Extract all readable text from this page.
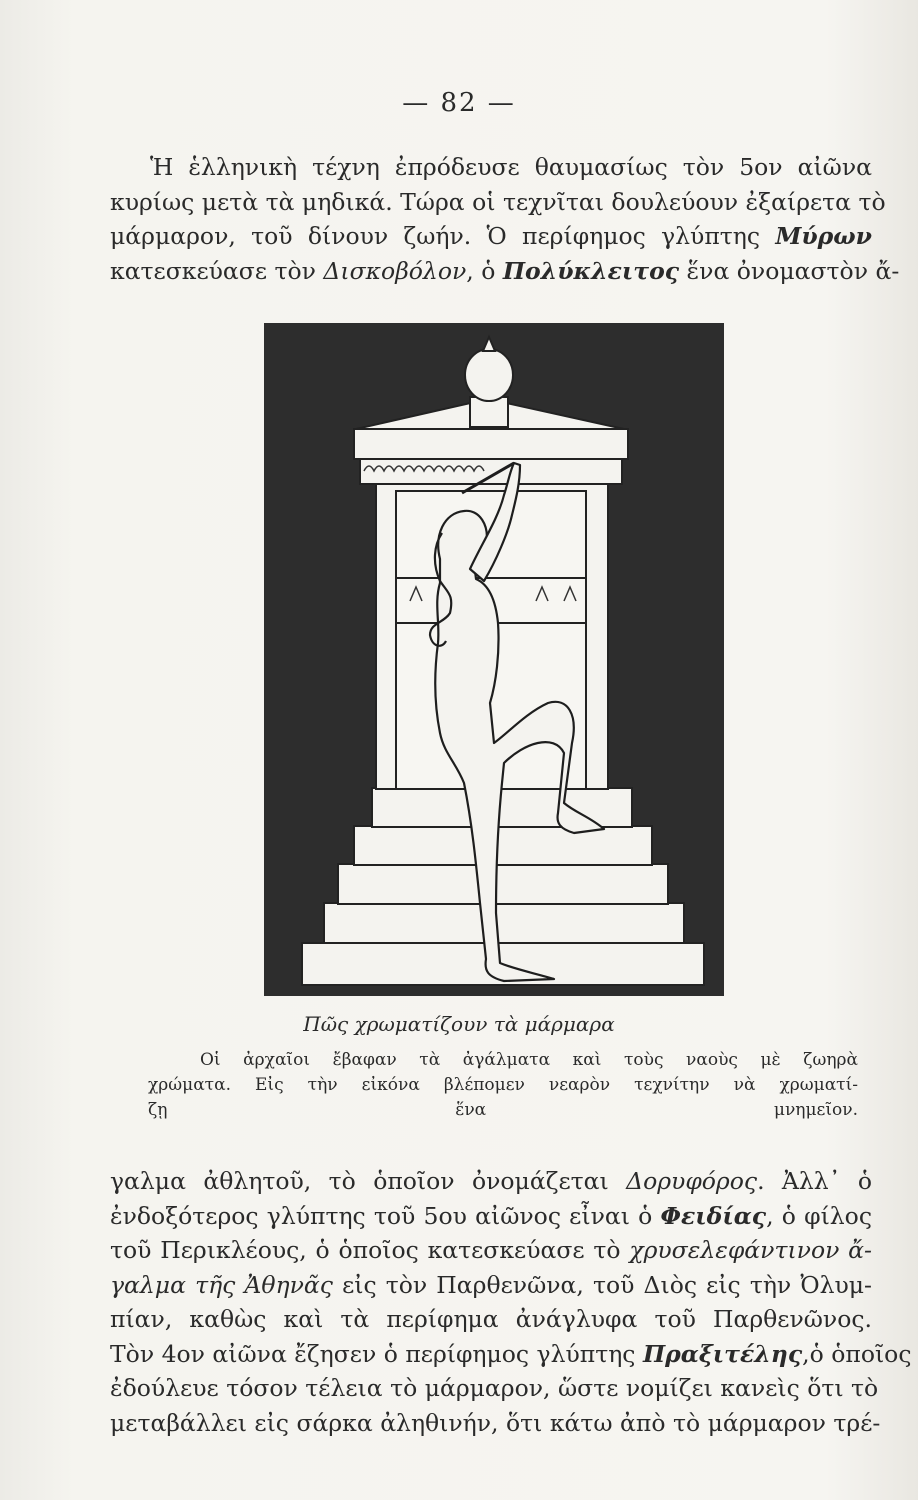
— 82 —
Ἡ ἑλληνικὴ τέχνη ἐπρόδευσε θαυμασίως τὸν 5ον αἰῶνα
κυρίως μετὰ τὰ μηδικά. Τώρα οἱ τεχνῖται δουλεύουν ἐξαίρετα τὸ
μάρμαρον, τοῦ δίνουν ζωήν. Ὁ περίφημος γλύπτης Μύρων
κατεσκεύασε τὸν Δισκοβόλον, ὁ Πολύκλειτος ἕνα ὀνομαστὸν ἄ-
Πῶς χρωματίζουν τὰ μάρμαρα
Οἱ ἀρχαῖοι ἔβαφαν τὰ ἀγάλματα καὶ τοὺς ναοὺς μὲ ζωηρὰ
χρώματα. Εἰς τὴν εἰκόνα βλέπομεν νεαρὸν τεχνίτην νὰ χρωματί-
ζῃ ἕνα μνημεῖον.
γαλμα ἀθλητοῦ, τὸ ὁποῖον ὀνομάζεται Δορυφόρος. Ἀλλ᾽ ὁ
ἐνδοξότερος γλύπτης τοῦ 5ου αἰῶνος εἶναι ὁ Φειδίας, ὁ φίλος
τοῦ Περικλέους, ὁ ὁποῖος κατεσκεύασε τὸ χρυσελεφάντινον ἄ-
γαλμα τῆς Ἀθηνᾶς εἰς τὸν Παρθενῶνα, τοῦ Διὸς εἰς τὴν Ὀλυμ-
πίαν, καθὼς καὶ τὰ περίφημα ἀνάγλυφα τοῦ Παρθενῶνος.
Τὸν 4ον αἰῶνα ἔζησεν ὁ περίφημος γλύπτης Πραξιτέλης,ὁ ὁποῖος
ἐδούλευε τόσον τέλεια τὸ μάρμαρον, ὥστε νομίζει κανεὶς ὅτι τὸ
μεταβάλλει εἰς σάρκα ἀληθινήν, ὅτι κάτω ἀπὸ τὸ μάρμαρον τρέ-
